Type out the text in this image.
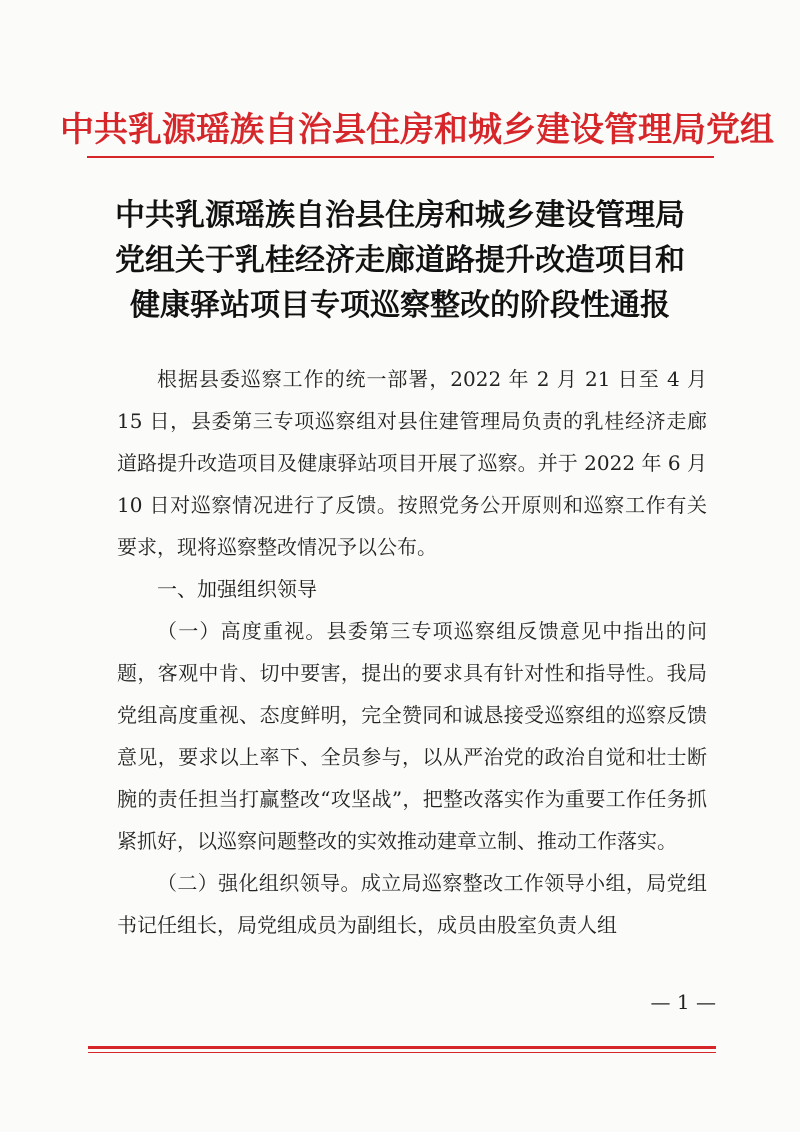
中共乳源瑶族自治县住房和城乡建设管理局党组
中共乳源瑶族自治县住房和城乡建设管理局
党组关于乳桂经济走廊道路提升改造项目和
健康驿站项目专项巡察整改的阶段性通报

根据县委巡察工作的统一部署，2022 年 2 月 21 日至 4 月 15 日，县委第三专项巡察组对县住建管理局负责的乳桂经济走廊道路提升改造项目及健康驿站项目开展了巡察。并于 2022 年 6 月 10 日对巡察情况进行了反馈。按照党务公开原则和巡察工作有关要求，现将巡察整改情况予以公布。

一、加强组织领导

（一）高度重视。县委第三专项巡察组反馈意见中指出的问题，客观中肯、切中要害，提出的要求具有针对性和指导性。我局党组高度重视、态度鲜明，完全赞同和诚恳接受巡察组的巡察反馈意见，要求以上率下、全员参与，以从严治党的政治自觉和壮士断腕的责任担当打赢整改“攻坚战”，把整改落实作为重要工作任务抓紧抓好，以巡察问题整改的实效推动建章立制、推动工作落实。

（二）强化组织领导。成立局巡察整改工作领导小组，局党组书记任组长，局党组成员为副组长，成员由股室负责人组

— 1 —
